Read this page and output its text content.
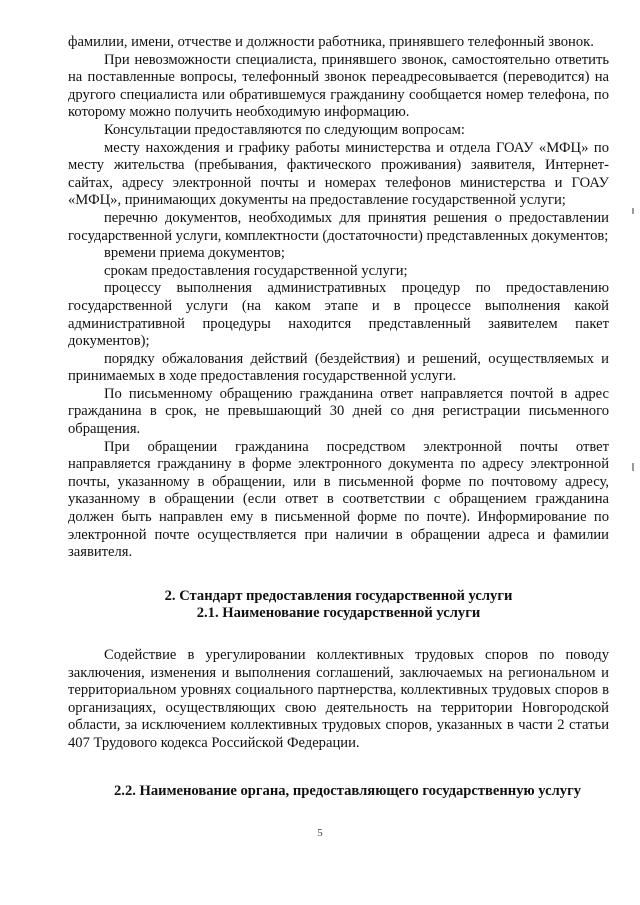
фамилии, имени, отчестве и должности работника, принявшего телефонный звонок.

При невозможности специалиста, принявшего звонок, самостоятельно ответить на поставленные вопросы, телефонный звонок переадресовывается (переводится) на другого специалиста или обратившемуся гражданину сообщается номер телефона, по которому можно получить необходимую информацию.

Консультации предоставляются по следующим вопросам:

месту нахождения и графику работы министерства и отдела ГОАУ «МФЦ» по месту жительства (пребывания, фактического проживания) заявителя, Интернет-сайтах, адресу электронной почты и номерах телефонов министерства и ГОАУ «МФЦ», принимающих документы на предоставление государственной услуги;

перечню документов, необходимых для принятия решения о предоставлении государственной услуги, комплектности (достаточности) представленных документов;

времени приема документов;

срокам предоставления государственной услуги;

процессу выполнения административных процедур по предоставлению государственной услуги (на каком этапе и в процессе выполнения какой административной процедуры находится представленный заявителем пакет документов);

порядку обжалования действий (бездействия) и решений, осуществляемых и принимаемых в ходе предоставления государственной услуги.

По письменному обращению гражданина ответ направляется почтой в адрес гражданина в срок, не превышающий 30 дней со дня регистрации письменного обращения.

При обращении гражданина посредством электронной почты ответ направляется гражданину в форме электронного документа по адресу электронной почты, указанному в обращении, или в письменной форме по почтовому адресу, указанному в обращении (если ответ в соответствии с обращением гражданина должен быть направлен ему в письменной форме по почте). Информирование по электронной почте осуществляется при наличии в обращении адреса и фамилии заявителя.

2. Стандарт предоставления государственной услуги

2.1. Наименование государственной услуги

Содействие в урегулировании коллективных трудовых споров по поводу заключения, изменения и выполнения соглашений, заключаемых на региональном и территориальном уровнях социального партнерства, коллективных трудовых споров в организациях, осуществляющих свою деятельность на территории Новгородской области, за исключением коллективных трудовых споров, указанных в части 2 статьи 407 Трудового кодекса Российской Федерации.

2.2. Наименование органа, предоставляющего государственную услугу

5
